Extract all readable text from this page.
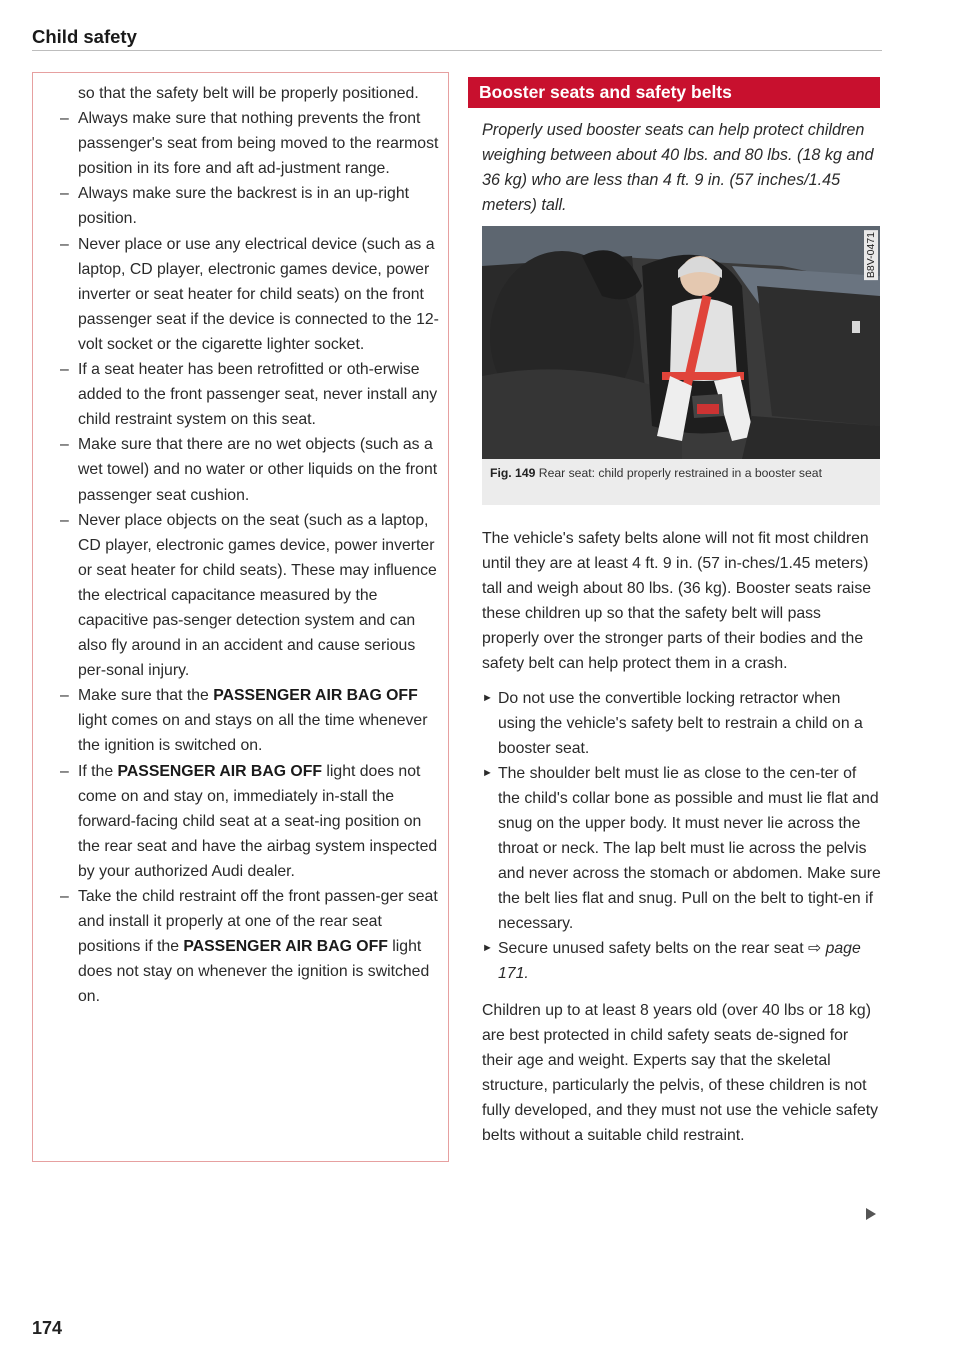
Child safety

so that the safety belt will be properly positioned.

– Always make sure that nothing prevents the front passenger's seat from being moved to the rearmost position in its fore and aft ad-justment range.
– Always make sure the backrest is in an up-right position.
– Never place or use any electrical device (such as a laptop, CD player, electronic games device, power inverter or seat heater for child seats) on the front passenger seat if the device is connected to the 12-volt socket or the cigarette lighter socket.
– If a seat heater has been retrofitted or oth-erwise added to the front passenger seat, never install any child restraint system on this seat.
– Make sure that there are no wet objects (such as a wet towel) and no water or other liquids on the front passenger seat cushion.
– Never place objects on the seat (such as a laptop, CD player, electronic games device, power inverter or seat heater for child seats). These may influence the electrical capacitance measured by the capacitive pas-senger detection system and can also fly around in an accident and cause serious per-sonal injury.
– Make sure that the PASSENGER AIR BAG OFF light comes on and stays on all the time whenever the ignition is switched on.
– If the PASSENGER AIR BAG OFF light does not come on and stay on, immediately in-stall the forward-facing child seat at a seat-ing position on the rear seat and have the airbag system inspected by your authorized Audi dealer.
– Take the child restraint off the front passen-ger seat and install it properly at one of the rear seat positions if the PASSENGER AIR BAG OFF light does not stay on whenever the ignition is switched on.
174
Booster seats and safety belts
Properly used booster seats can help protect children weighing between about 40 lbs. and 80 lbs. (18 kg and 36 kg) who are less than 4 ft. 9 in. (57 inches/1.45 meters) tall.
B8V-0471
Fig. 149 Rear seat: child properly restrained in a booster seat

The vehicle's safety belts alone will not fit most children until they are at least 4 ft. 9 in. (57 in-ches/1.45 meters) tall and weigh about 80 lbs. (36 kg). Booster seats raise these children up so that the safety belt will pass properly over the stronger parts of their bodies and the safety belt can help protect them in a crash.

► Do not use the convertible locking retractor when using the vehicle's safety belt to restrain a child on a booster seat.
► The shoulder belt must lie as close to the cen-ter of the child's collar bone as possible and must lie flat and snug on the upper body. It must never lie across the throat or neck. The lap belt must lie across the pelvis and never across the stomach or abdomen. Make sure the belt lies flat and snug. Pull on the belt to tight-en if necessary.
► Secure unused safety belts on the rear seat ⇨ page 171.

Children up to at least 8 years old (over 40 lbs or 18 kg) are best protected in child safety seats de-signed for their age and weight. Experts say that the skeletal structure, particularly the pelvis, of these children is not fully developed, and they must not use the vehicle safety belts without a suitable child restraint.
